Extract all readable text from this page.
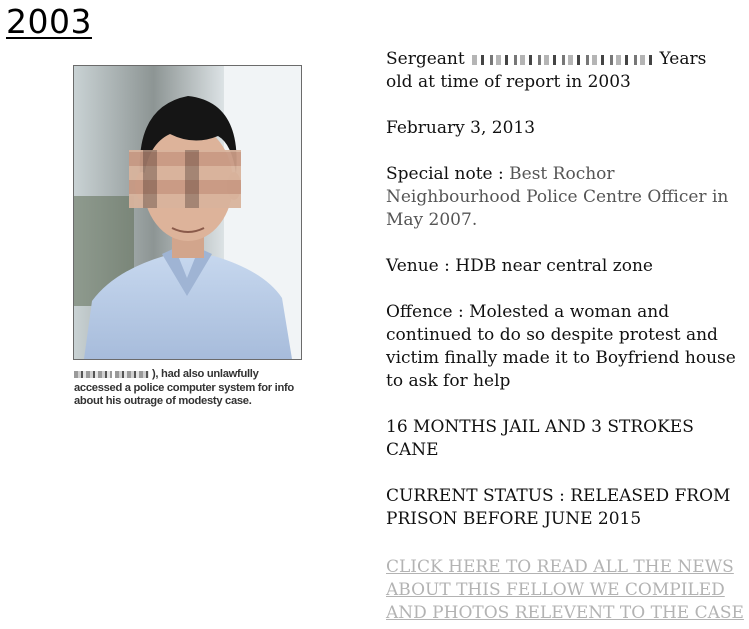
2003
), had also unlawfully accessed a police computer system for info about his outrage of modesty case.
Sergeant	Years
old at time of report in 2003
February 3, 2013
Special note : Best Rochor Neighbourhood Police Centre Officer in May 2007.
Venue : HDB near central zone
Offence : Molested a woman and continued to do so despite protest and victim finally made it to Boyfriend house to ask for help
16 MONTHS JAIL AND 3 STROKES CANE
CURRENT STATUS : RELEASED FROM PRISON BEFORE JUNE 2015
CLICK HERE TO READ ALL THE NEWS ABOUT THIS FELLOW WE COMPILED AND PHOTOS RELEVENT TO THE CASE
